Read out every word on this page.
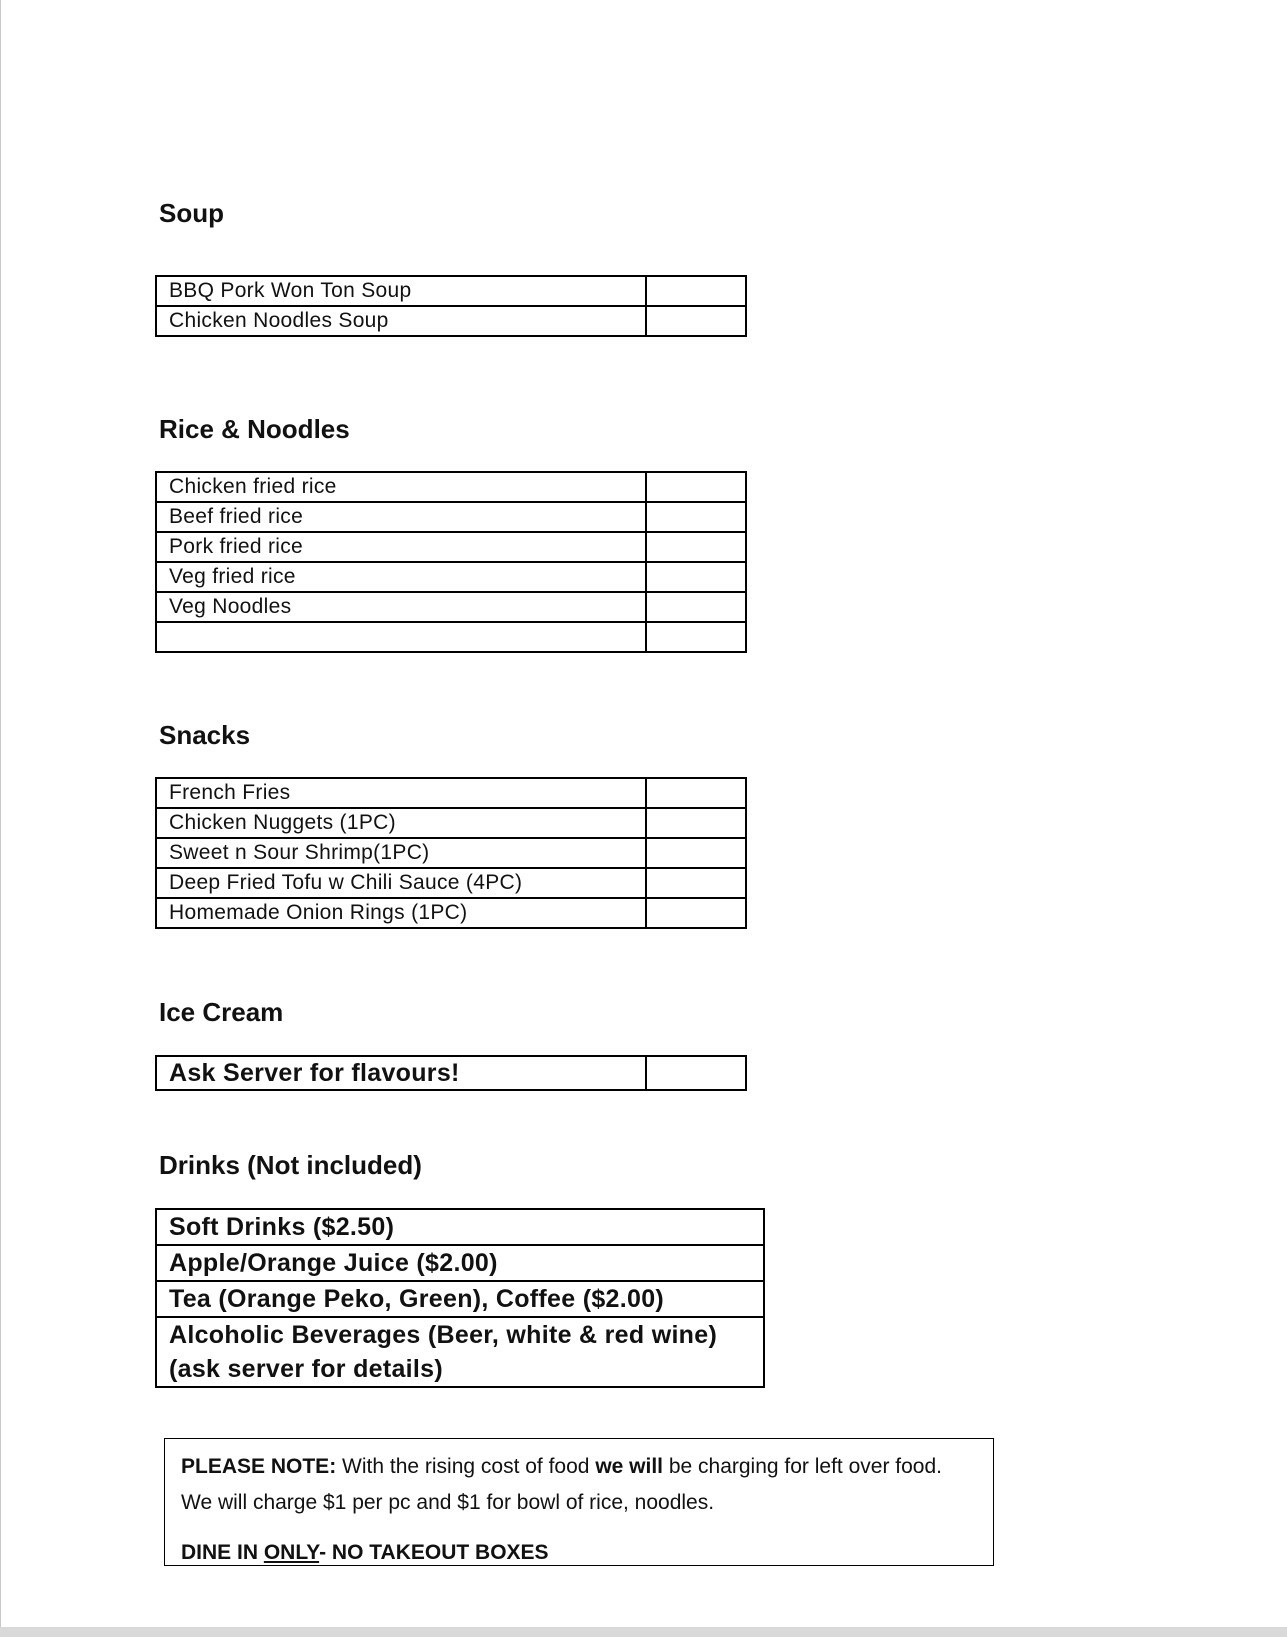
Soup
BBQ Pork Won Ton Soup	
Chicken Noodles Soup	
Rice & Noodles
Chicken fried rice	
Beef fried rice	
Pork fried rice	
Veg fried rice	
Veg Noodles	

Snacks
French Fries	
Chicken Nuggets (1PC)	
Sweet n Sour Shrimp(1PC)	
Deep Fried Tofu w Chili Sauce (4PC)	
Homemade Onion Rings (1PC)	
Ice Cream
Ask Server for flavours!	
Drinks (Not included)
Soft Drinks ($2.50)
Apple/Orange Juice ($2.00)
Tea (Orange Peko, Green), Coffee ($2.00)
Alcoholic Beverages (Beer, white & red wine)
(ask server for details)

PLEASE NOTE: With the rising cost of food we will be charging for left over food. We will charge $1 per pc and $1 for bowl of rice, noodles.

DINE IN ONLY- NO TAKEOUT BOXES
